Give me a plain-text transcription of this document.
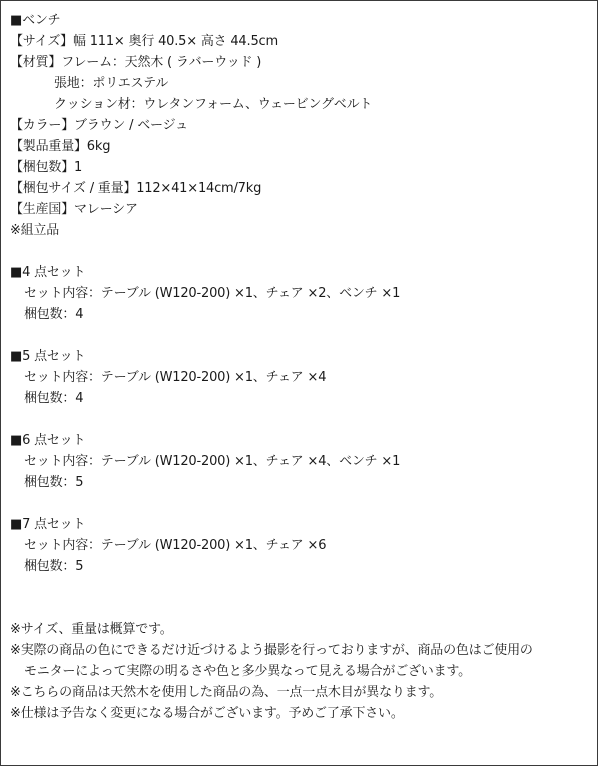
■ベンチ
【サイズ】幅 111× 奥行 40.5× 高さ 44.5cm
【材質】フレーム：天然木 ( ラバーウッド )
張地：ポリエステル
クッション材：ウレタンフォーム、ウェービングベルト
【カラー】ブラウン / ベージュ
【製品重量】6kg
【梱包数】1
【梱包サイズ / 重量】112×41×14cm/7kg
【生産国】マレーシア
※組立品
■4 点セット
セット内容：テーブル (W120-200) ×1、チェア ×2、ベンチ ×1
梱包数：4
■5 点セット
セット内容：テーブル (W120-200) ×1、チェア ×4
梱包数：4
■6 点セット
セット内容：テーブル (W120-200) ×1、チェア ×4、ベンチ ×1
梱包数：5
■7 点セット
セット内容：テーブル (W120-200) ×1、チェア ×6
梱包数：5
※サイズ、重量は概算です。
※実際の商品の色にできるだけ近づけるよう撮影を行っておりますが、商品の色はご使用の
モニターによって実際の明るさや色と多少異なって見える場合がございます。
※こちらの商品は天然木を使用した商品の為、一点一点木目が異なります。
※仕様は予告なく変更になる場合がございます。予めご了承下さい。
